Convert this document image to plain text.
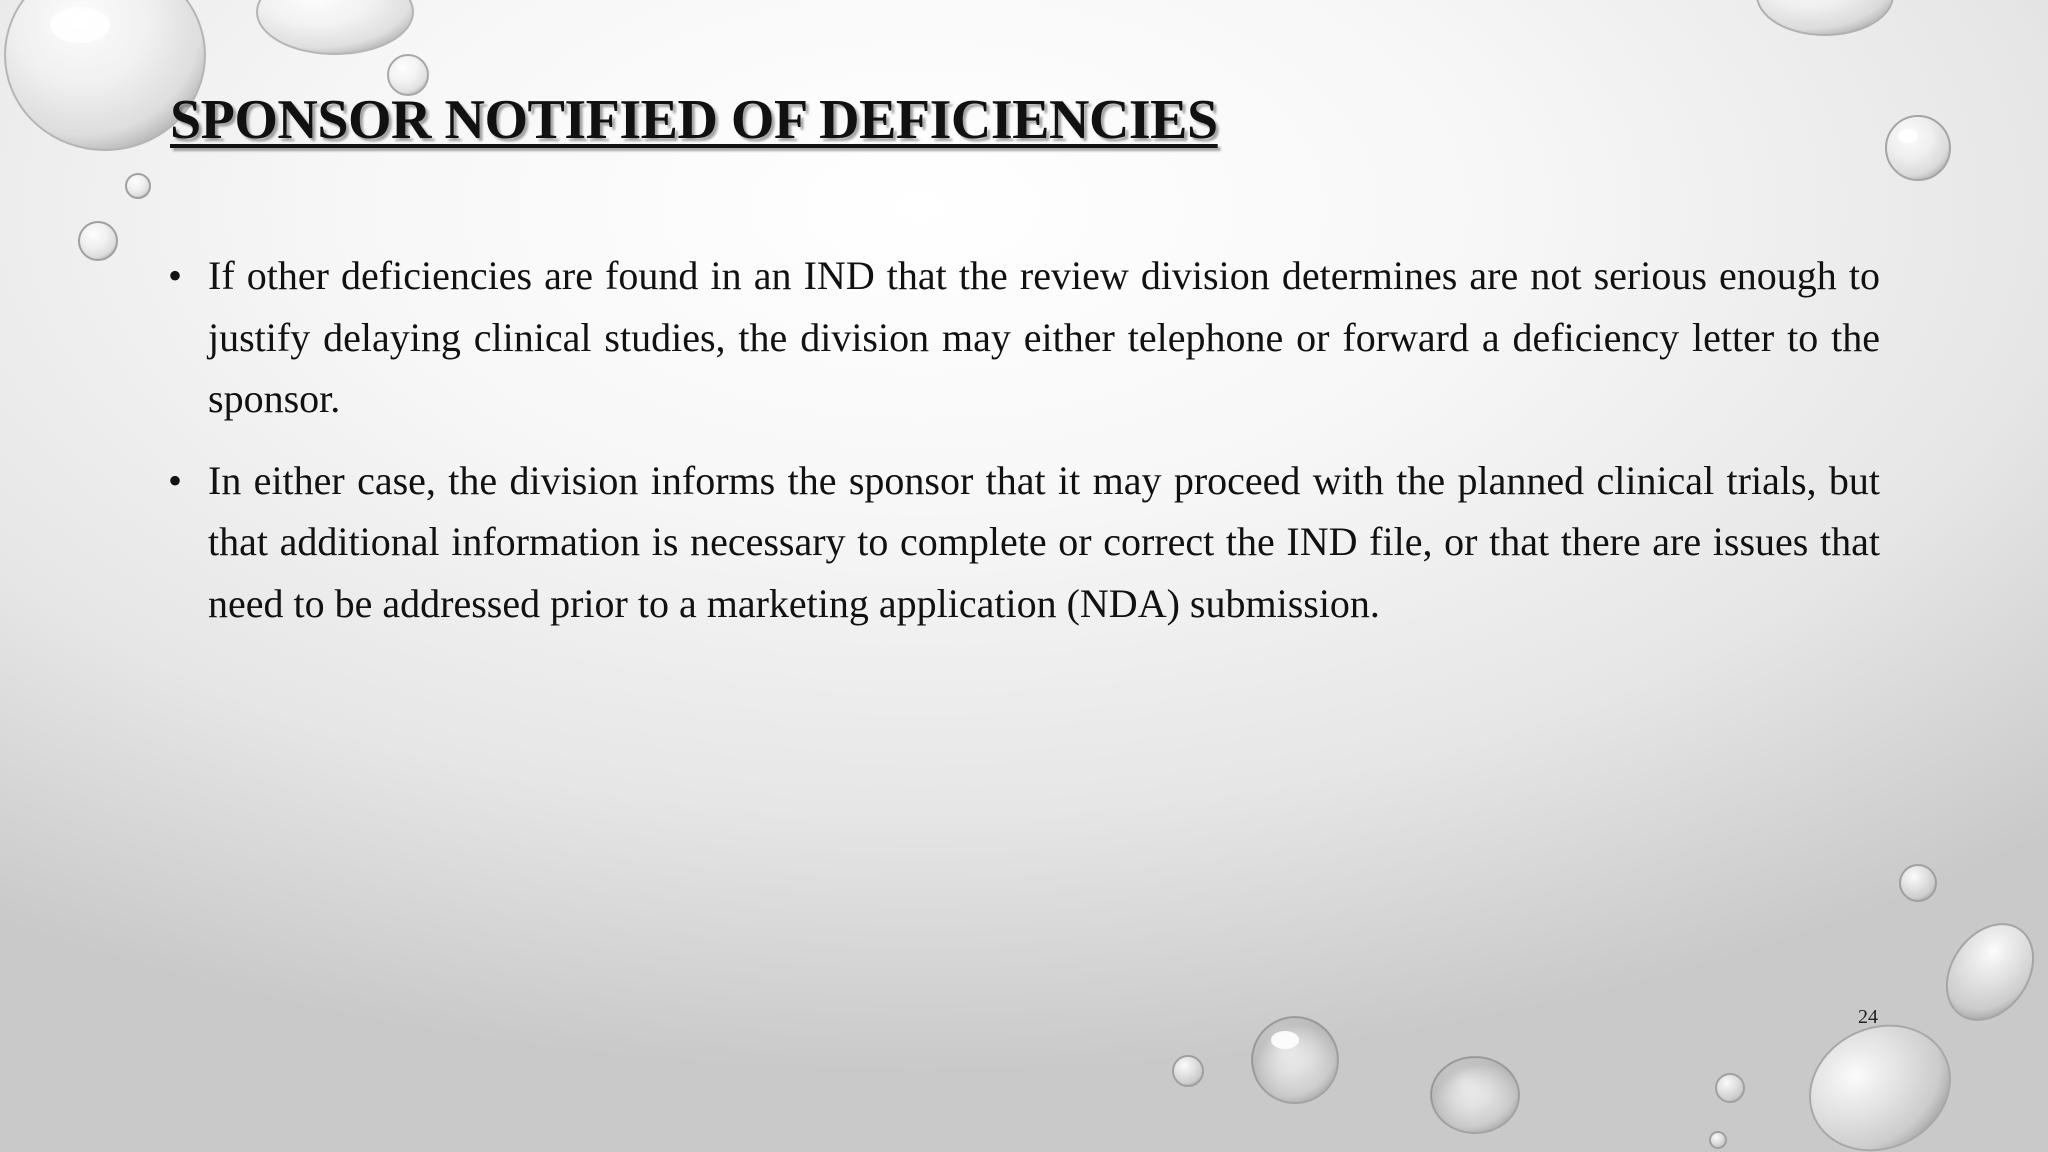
SPONSOR NOTIFIED OF DEFICIENCIES
• If other deficiencies are found in an IND that the review division determines are not serious enough to justify delaying clinical studies, the division may either telephone or forward a deficiency letter to the sponsor.
• In either case, the division informs the sponsor that it may proceed with the planned clinical trials, but that additional information is necessary to complete or correct the IND file, or that there are issues that need to be addressed prior to a marketing application (NDA) submission.
24
